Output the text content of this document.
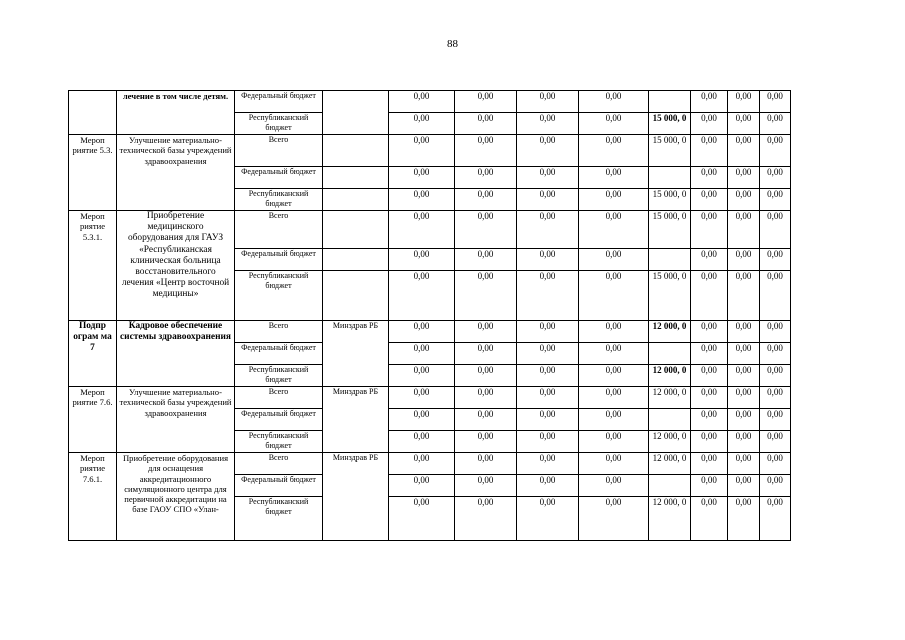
88
	лечение в том числе детям.	Федеральный бюджет		0,00	0,00	0,00	0,00		0,00	0,00	0,00
		Республиканский бюджет		0,00	0,00	0,00	0,00	15 000, 0	0,00	0,00	0,00
Мероп риятие 5.3.	Улучшение материально-технической базы учреждений здравоохранения	Всего		0,00	0,00	0,00	0,00	15 000, 0	0,00	0,00	0,00
		Федеральный бюджет		0,00	0,00	0,00	0,00		0,00	0,00	0,00
		Республиканский бюджет		0,00	0,00	0,00	0,00	15 000, 0	0,00	0,00	0,00
Мероп риятие 5.3.1.	Приобретение медицинского оборудования для ГАУЗ «Республиканская клиническая больница восстановительного лечения «Центр восточной медицины»	Всего		0,00	0,00	0,00	0,00	15 000, 0	0,00	0,00	0,00
		Федеральный бюджет		0,00	0,00	0,00	0,00		0,00	0,00	0,00
		Республиканский бюджет		0,00	0,00	0,00	0,00	15 000, 0	0,00	0,00	0,00
Подпр ограм ма 7	Кадровое обеспечение системы здравоохранения	Всего	Минздрав РБ	0,00	0,00	0,00	0,00	12 000, 0	0,00	0,00	0,00
		Федеральный бюджет		0,00	0,00	0,00	0,00		0,00	0,00	0,00
		Республиканский бюджет		0,00	0,00	0,00	0,00	12 000, 0	0,00	0,00	0,00
Мероп риятие 7.6.	Улучшение материально-технической базы учреждений здравоохранения	Всего	Минздрав РБ	0,00	0,00	0,00	0,00	12 000, 0	0,00	0,00	0,00
		Федеральный бюджет		0,00	0,00	0,00	0,00		0,00	0,00	0,00
		Республиканский бюджет		0,00	0,00	0,00	0,00	12 000, 0	0,00	0,00	0,00
Мероп риятие 7.6.1.	Приобретение оборудования для оснащения аккредитационного симуляционного центра для первичной аккредитации на базе ГАОУ СПО «Улан-	Всего	Минздрав РБ	0,00	0,00	0,00	0,00	12 000, 0	0,00	0,00	0,00
		Федеральный бюджет		0,00	0,00	0,00	0,00		0,00	0,00	0,00
		Республиканский бюджет		0,00	0,00	0,00	0,00	12 000, 0	0,00	0,00	0,00
